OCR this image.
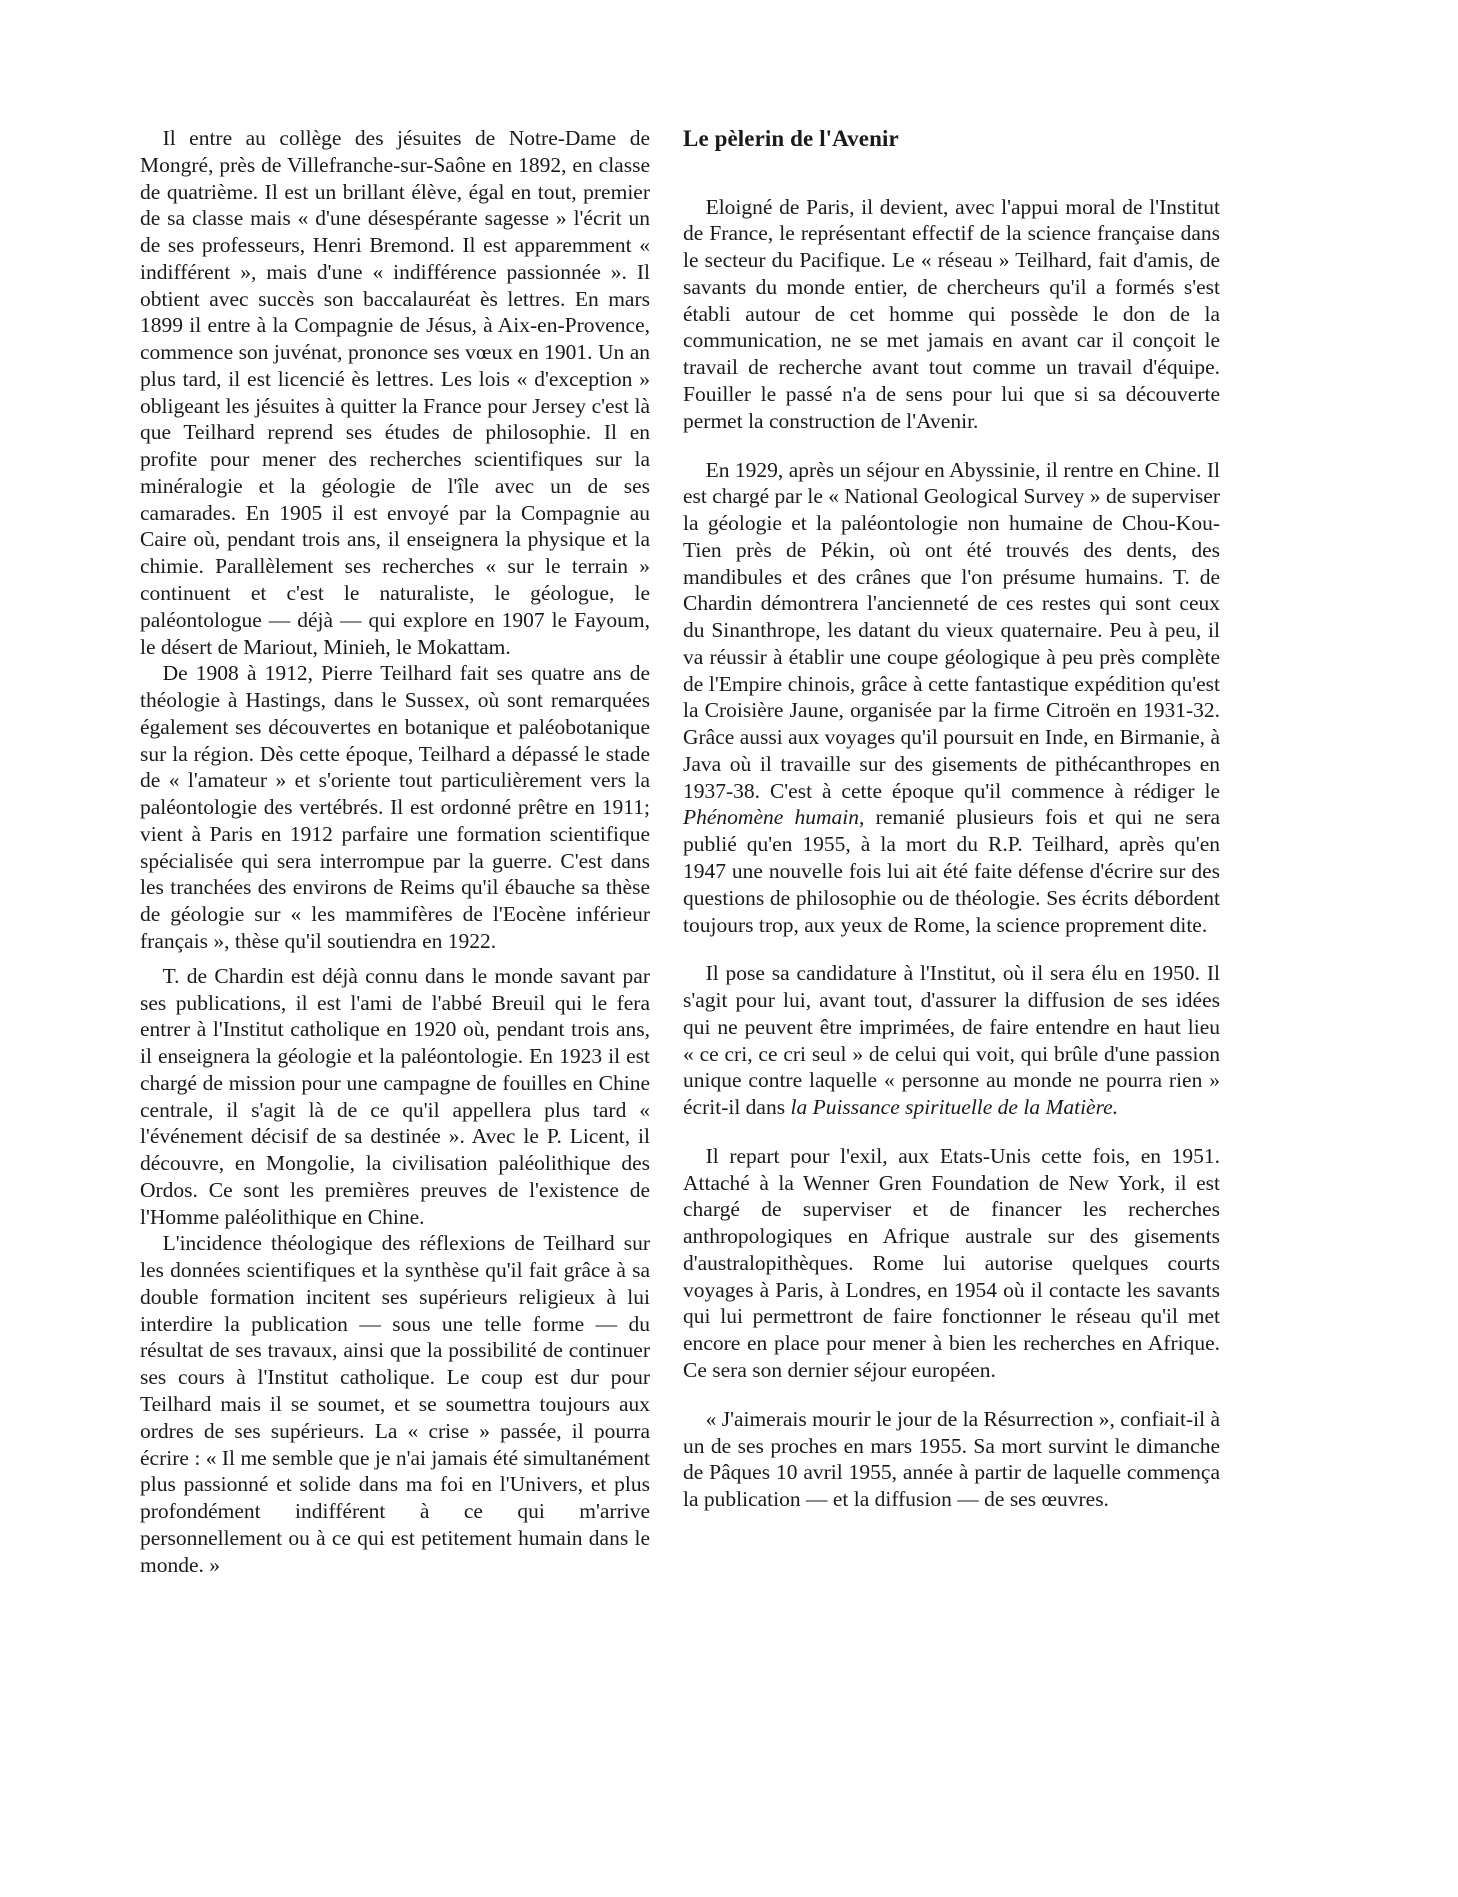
Il entre au collège des jésuites de Notre-Dame de Mongré, près de Villefranche-sur-Saône en 1892, en classe de quatrième. Il est un brillant élève, égal en tout, premier de sa classe mais « d'une désespérante sagesse » l'écrit un de ses professeurs, Henri Bremond. Il est apparemment « indifférent », mais d'une « indifférence passionnée ». Il obtient avec succès son baccalauréat ès lettres. En mars 1899 il entre à la Compagnie de Jésus, à Aix-en-Provence, commence son juvénat, prononce ses vœux en 1901. Un an plus tard, il est licencié ès lettres. Les lois « d'exception » obligeant les jésuites à quitter la France pour Jersey c'est là que Teilhard reprend ses études de philosophie. Il en profite pour mener des recherches scientifiques sur la minéralogie et la géologie de l'île avec un de ses camarades. En 1905 il est envoyé par la Compagnie au Caire où, pendant trois ans, il enseignera la physique et la chimie. Parallèlement ses recherches « sur le terrain » continuent et c'est le naturaliste, le géologue, le paléontologue — déjà — qui explore en 1907 le Fayoum, le désert de Mariout, Minieh, le Mokattam.

De 1908 à 1912, Pierre Teilhard fait ses quatre ans de théologie à Hastings, dans le Sussex, où sont remarquées également ses découvertes en botanique et paléobotanique sur la région. Dès cette époque, Teilhard a dépassé le stade de « l'amateur » et s'oriente tout particulièrement vers la paléontologie des vertébrés. Il est ordonné prêtre en 1911; vient à Paris en 1912 parfaire une formation scientifique spécialisée qui sera interrompue par la guerre. C'est dans les tranchées des environs de Reims qu'il ébauche sa thèse de géologie sur « les mammifères de l'Eocène inférieur français », thèse qu'il soutiendra en 1922.

T. de Chardin est déjà connu dans le monde savant par ses publications, il est l'ami de l'abbé Breuil qui le fera entrer à l'Institut catholique en 1920 où, pendant trois ans, il enseignera la géologie et la paléontologie. En 1923 il est chargé de mission pour une campagne de fouilles en Chine centrale, il s'agit là de ce qu'il appellera plus tard « l'événement décisif de sa destinée ». Avec le P. Licent, il découvre, en Mongolie, la civilisation paléolithique des Ordos. Ce sont les premières preuves de l'existence de l'Homme paléolithique en Chine.

L'incidence théologique des réflexions de Teilhard sur les données scientifiques et la synthèse qu'il fait grâce à sa double formation incitent ses supérieurs religieux à lui interdire la publication — sous une telle forme — du résultat de ses travaux, ainsi que la possibilité de continuer ses cours à l'Institut catholique. Le coup est dur pour Teilhard mais il se soumet, et se soumettra toujours aux ordres de ses supérieurs. La « crise » passée, il pourra écrire : « Il me semble que je n'ai jamais été simultanément plus passionné et solide dans ma foi en l'Univers, et plus profondément indifférent à ce qui m'arrive personnellement ou à ce qui est petitement humain dans le monde. »

Le pèlerin de l'Avenir

Eloigné de Paris, il devient, avec l'appui moral de l'Institut de France, le représentant effectif de la science française dans le secteur du Pacifique. Le « réseau » Teilhard, fait d'amis, de savants du monde entier, de chercheurs qu'il a formés s'est établi autour de cet homme qui possède le don de la communication, ne se met jamais en avant car il conçoit le travail de recherche avant tout comme un travail d'équipe. Fouiller le passé n'a de sens pour lui que si sa découverte permet la construction de l'Avenir.

En 1929, après un séjour en Abyssinie, il rentre en Chine. Il est chargé par le « National Geological Survey » de superviser la géologie et la paléontologie non humaine de Chou-Kou-Tien près de Pékin, où ont été trouvés des dents, des mandibules et des crânes que l'on présume humains. T. de Chardin démontrera l'ancienneté de ces restes qui sont ceux du Sinanthrope, les datant du vieux quaternaire. Peu à peu, il va réussir à établir une coupe géologique à peu près complète de l'Empire chinois, grâce à cette fantastique expédition qu'est la Croisière Jaune, organisée par la firme Citroën en 1931-32. Grâce aussi aux voyages qu'il poursuit en Inde, en Birmanie, à Java où il travaille sur des gisements de pithécanthropes en 1937-38. C'est à cette époque qu'il commence à rédiger le Phénomène humain, remanié plusieurs fois et qui ne sera publié qu'en 1955, à la mort du R.P. Teilhard, après qu'en 1947 une nouvelle fois lui ait été faite défense d'écrire sur des questions de philosophie ou de théologie. Ses écrits débordent toujours trop, aux yeux de Rome, la science proprement dite.

Il pose sa candidature à l'Institut, où il sera élu en 1950. Il s'agit pour lui, avant tout, d'assurer la diffusion de ses idées qui ne peuvent être imprimées, de faire entendre en haut lieu « ce cri, ce cri seul » de celui qui voit, qui brûle d'une passion unique contre laquelle « personne au monde ne pourra rien » écrit-il dans la Puissance spirituelle de la Matière.

Il repart pour l'exil, aux Etats-Unis cette fois, en 1951. Attaché à la Wenner Gren Foundation de New York, il est chargé de superviser et de financer les recherches anthropologiques en Afrique australe sur des gisements d'australopithèques. Rome lui autorise quelques courts voyages à Paris, à Londres, en 1954 où il contacte les savants qui lui permettront de faire fonctionner le réseau qu'il met encore en place pour mener à bien les recherches en Afrique. Ce sera son dernier séjour européen.

« J'aimerais mourir le jour de la Résurrection », confiait-il à un de ses proches en mars 1955. Sa mort survint le dimanche de Pâques 10 avril 1955, année à partir de laquelle commença la publication — et la diffusion — de ses œuvres.
